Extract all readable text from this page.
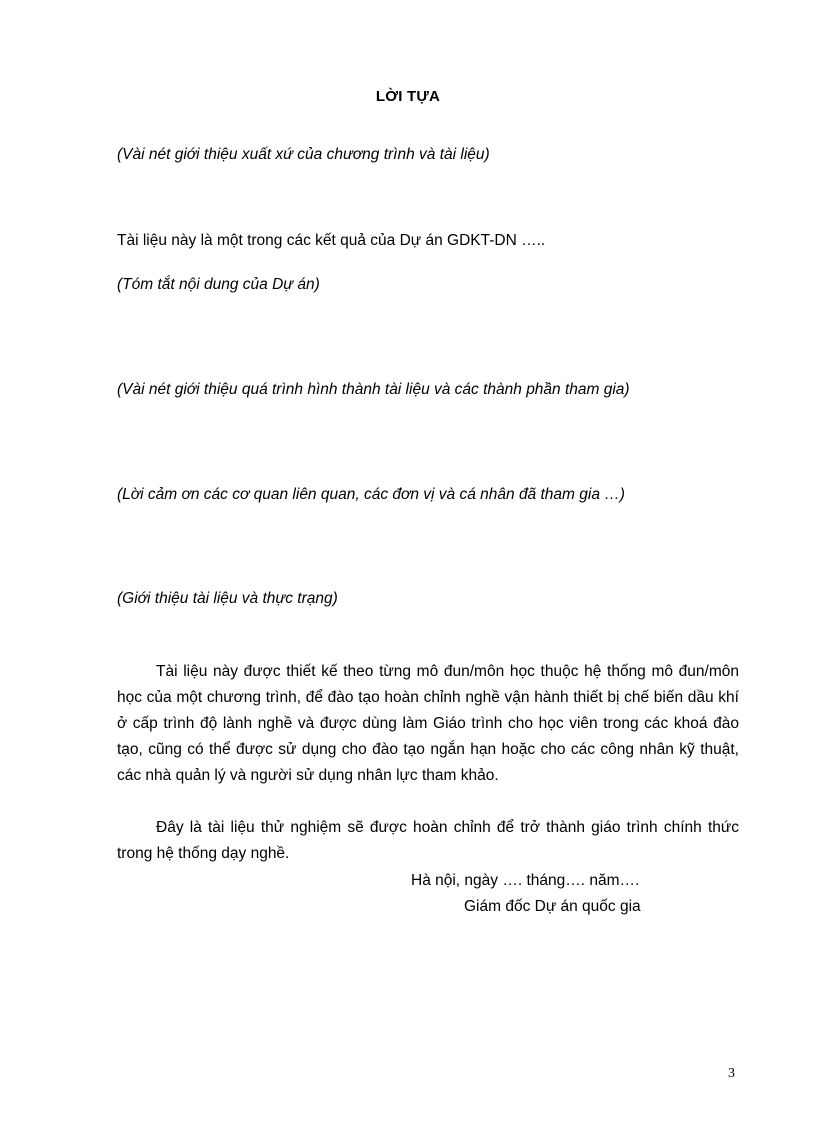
LỜI TỰA
(Vài nét giới thiệu xuất xứ của chương trình và tài liệu)
Tài liệu này là một trong các kết quả của Dự án GDKT-DN …..
(Tóm tắt nội dung của Dự án)
(Vài nét giới thiệu quá trình hình thành tài liệu và các thành phần tham gia)
(Lời cảm ơn các cơ quan liên quan, các đơn vị và cá nhân đã tham gia …)
(Giới thiệu tài liệu và thực trạng)

Tài liệu này được thiết kế theo từng mô đun/môn học thuộc hệ thống mô đun/môn học của một chương trình, để đào tạo hoàn chỉnh nghề vận hành thiết bị chế biến dầu khí ở cấp trình độ lành nghề và được dùng làm Giáo trình cho học viên trong các khoá đào tạo, cũng có thể được sử dụng cho đào tạo ngắn hạn hoặc cho các công nhân kỹ thuật, các nhà quản lý và người sử dụng nhân lực tham khảo.

Đây là tài liệu thử nghiệm sẽ được hoàn chỉnh để trở thành giáo trình chính thức trong hệ thống dạy nghề.

Hà nội, ngày …. tháng…. năm….
Giám đốc Dự án quốc gia
3
